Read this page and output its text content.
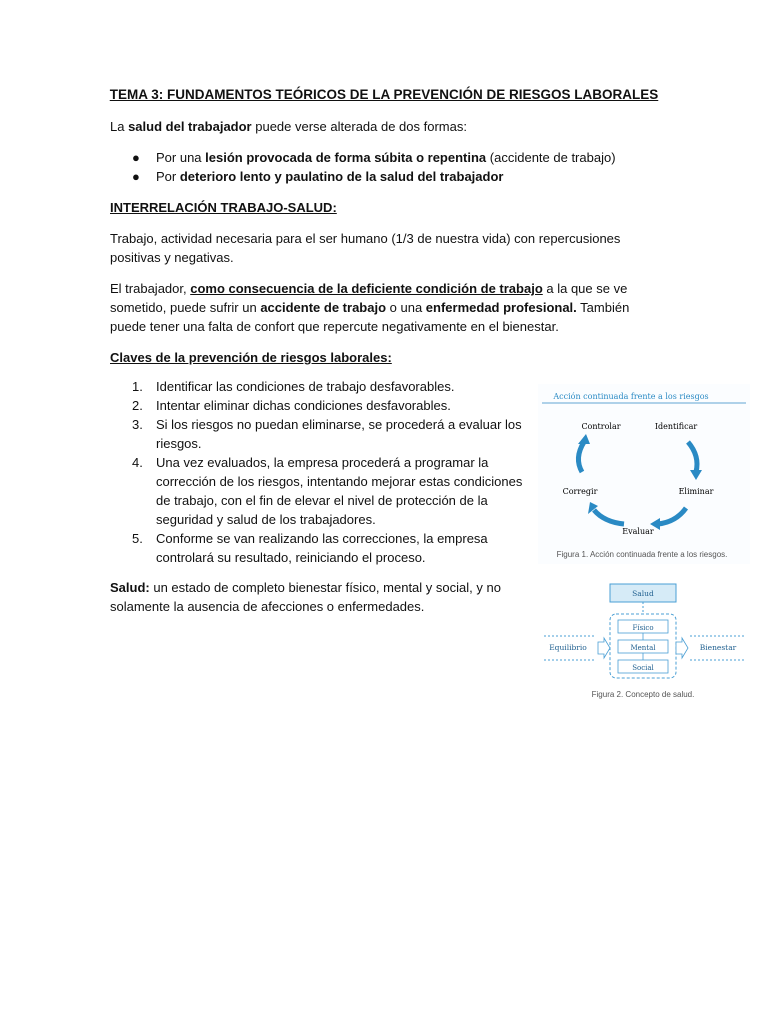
TEMA 3: FUNDAMENTOS TEÓRICOS DE LA PREVENCIÓN DE RIESGOS LABORALES

La salud del trabajador puede verse alterada de dos formas:

● Por una lesión provocada de forma súbita o repentina (accidente de trabajo)
● Por deterioro lento y paulatino de la salud del trabajador

INTERRELACIÓN TRABAJO-SALUD:

Trabajo, actividad necesaria para el ser humano (1/3 de nuestra vida) con repercusiones
positivas y negativas.
El trabajador, como consecuencia de la deficiente condición de trabajo a la que se ve
sometido, puede sufrir un accidente de trabajo o una enfermedad profesional. También
puede tener una falta de confort que repercute negativamente en el bienestar.

Claves de la prevención de riesgos laborales:

1. Identificar las condiciones de trabajo desfavorables.
2. Intentar eliminar dichas condiciones desfavorables.
3. Si los riesgos no puedan eliminarse, se procederá a evaluar los riesgos.
4. Una vez evaluados, la empresa procederá a programar la corrección de los riesgos, intentando mejorar estas condiciones de trabajo, con el fin de elevar el nivel de protección de la seguridad y salud de los trabajadores.
5. Conforme se van realizando las correcciones, la empresa controlará su resultado, reiniciando el proceso.
Salud: un estado de completo bienestar físico, mental y social, y no
solamente la ausencia de afecciones o enfermedades.
Acción continuada frente a los riesgos
Controlar	Identificar
Corregir	Eliminar
Evaluar
Figura 1. Acción continuada frente a los riesgos.
Salud
Físico
Mental
Social
Equilibrio	Bienestar
Figura 2. Concepto de salud.
